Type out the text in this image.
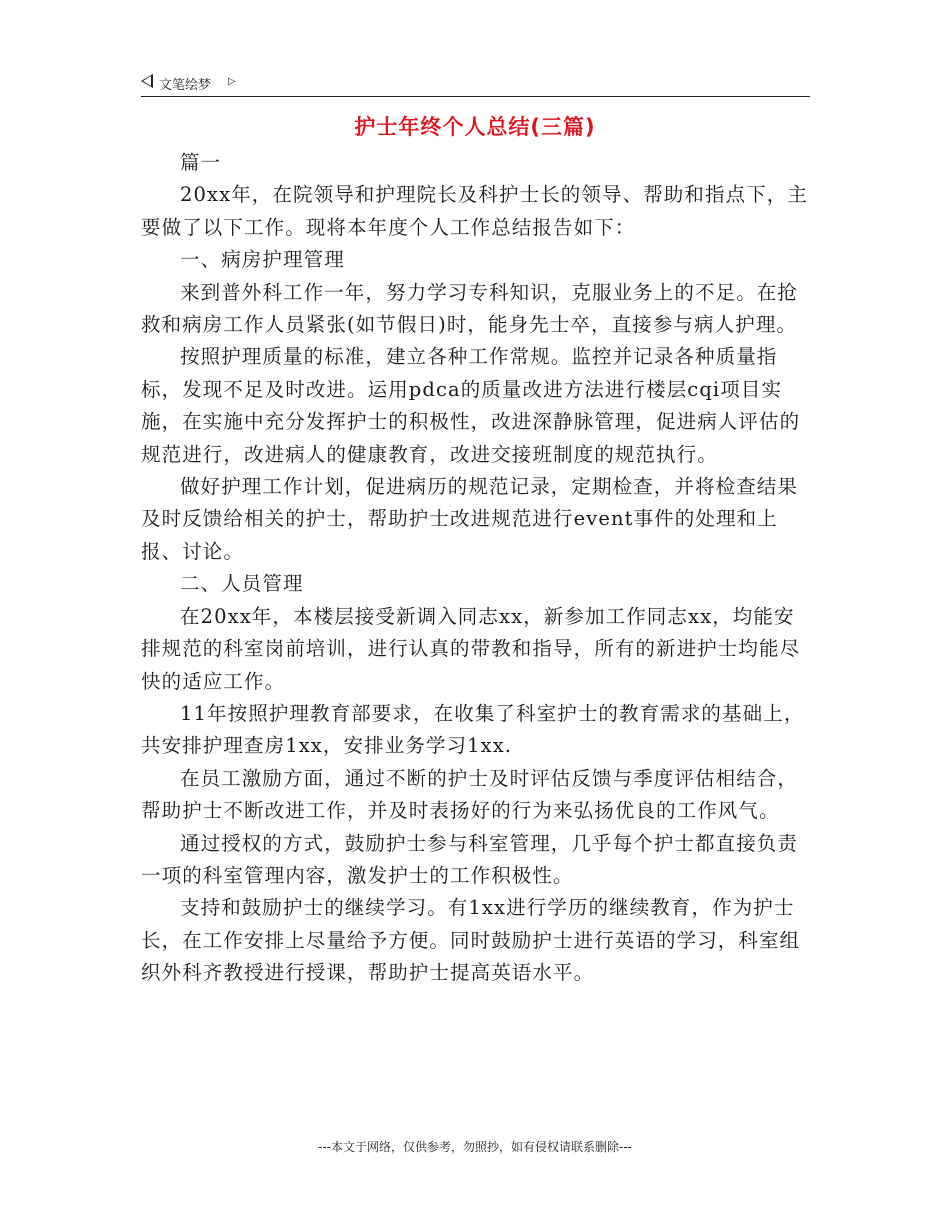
文笔绘梦 ▷
护士年终个人总结(三篇)

篇一

20xx年，在院领导和护理院长及科护士长的领导、帮助和指点下，主要做了以下工作。现将本年度个人工作总结报告如下：

一、病房护理管理

来到普外科工作一年，努力学习专科知识，克服业务上的不足。在抢救和病房工作人员紧张(如节假日)时，能身先士卒，直接参与病人护理。

按照护理质量的标准，建立各种工作常规。监控并记录各种质量指标，发现不足及时改进。运用pdca的质量改进方法进行楼层cqi项目实施，在实施中充分发挥护士的积极性，改进深静脉管理，促进病人评估的规范进行，改进病人的健康教育，改进交接班制度的规范执行。

做好护理工作计划，促进病历的规范记录，定期检查，并将检查结果及时反馈给相关的护士，帮助护士改进规范进行event事件的处理和上报、讨论。

二、人员管理

在20xx年，本楼层接受新调入同志xx，新参加工作同志xx，均能安排规范的科室岗前培训，进行认真的带教和指导，所有的新进护士均能尽快的适应工作。

11年按照护理教育部要求，在收集了科室护士的教育需求的基础上，共安排护理查房1xx，安排业务学习1xx.

在员工激励方面，通过不断的护士及时评估反馈与季度评估相结合，帮助护士不断改进工作，并及时表扬好的行为来弘扬优良的工作风气。

通过授权的方式，鼓励护士参与科室管理，几乎每个护士都直接负责一项的科室管理内容，激发护士的工作积极性。

支持和鼓励护士的继续学习。有1xx进行学历的继续教育，作为护士长，在工作安排上尽量给予方便。同时鼓励护士进行英语的学习，科室组织外科齐教授进行授课，帮助护士提高英语水平。

---本文于网络，仅供参考，勿照抄，如有侵权请联系删除---
